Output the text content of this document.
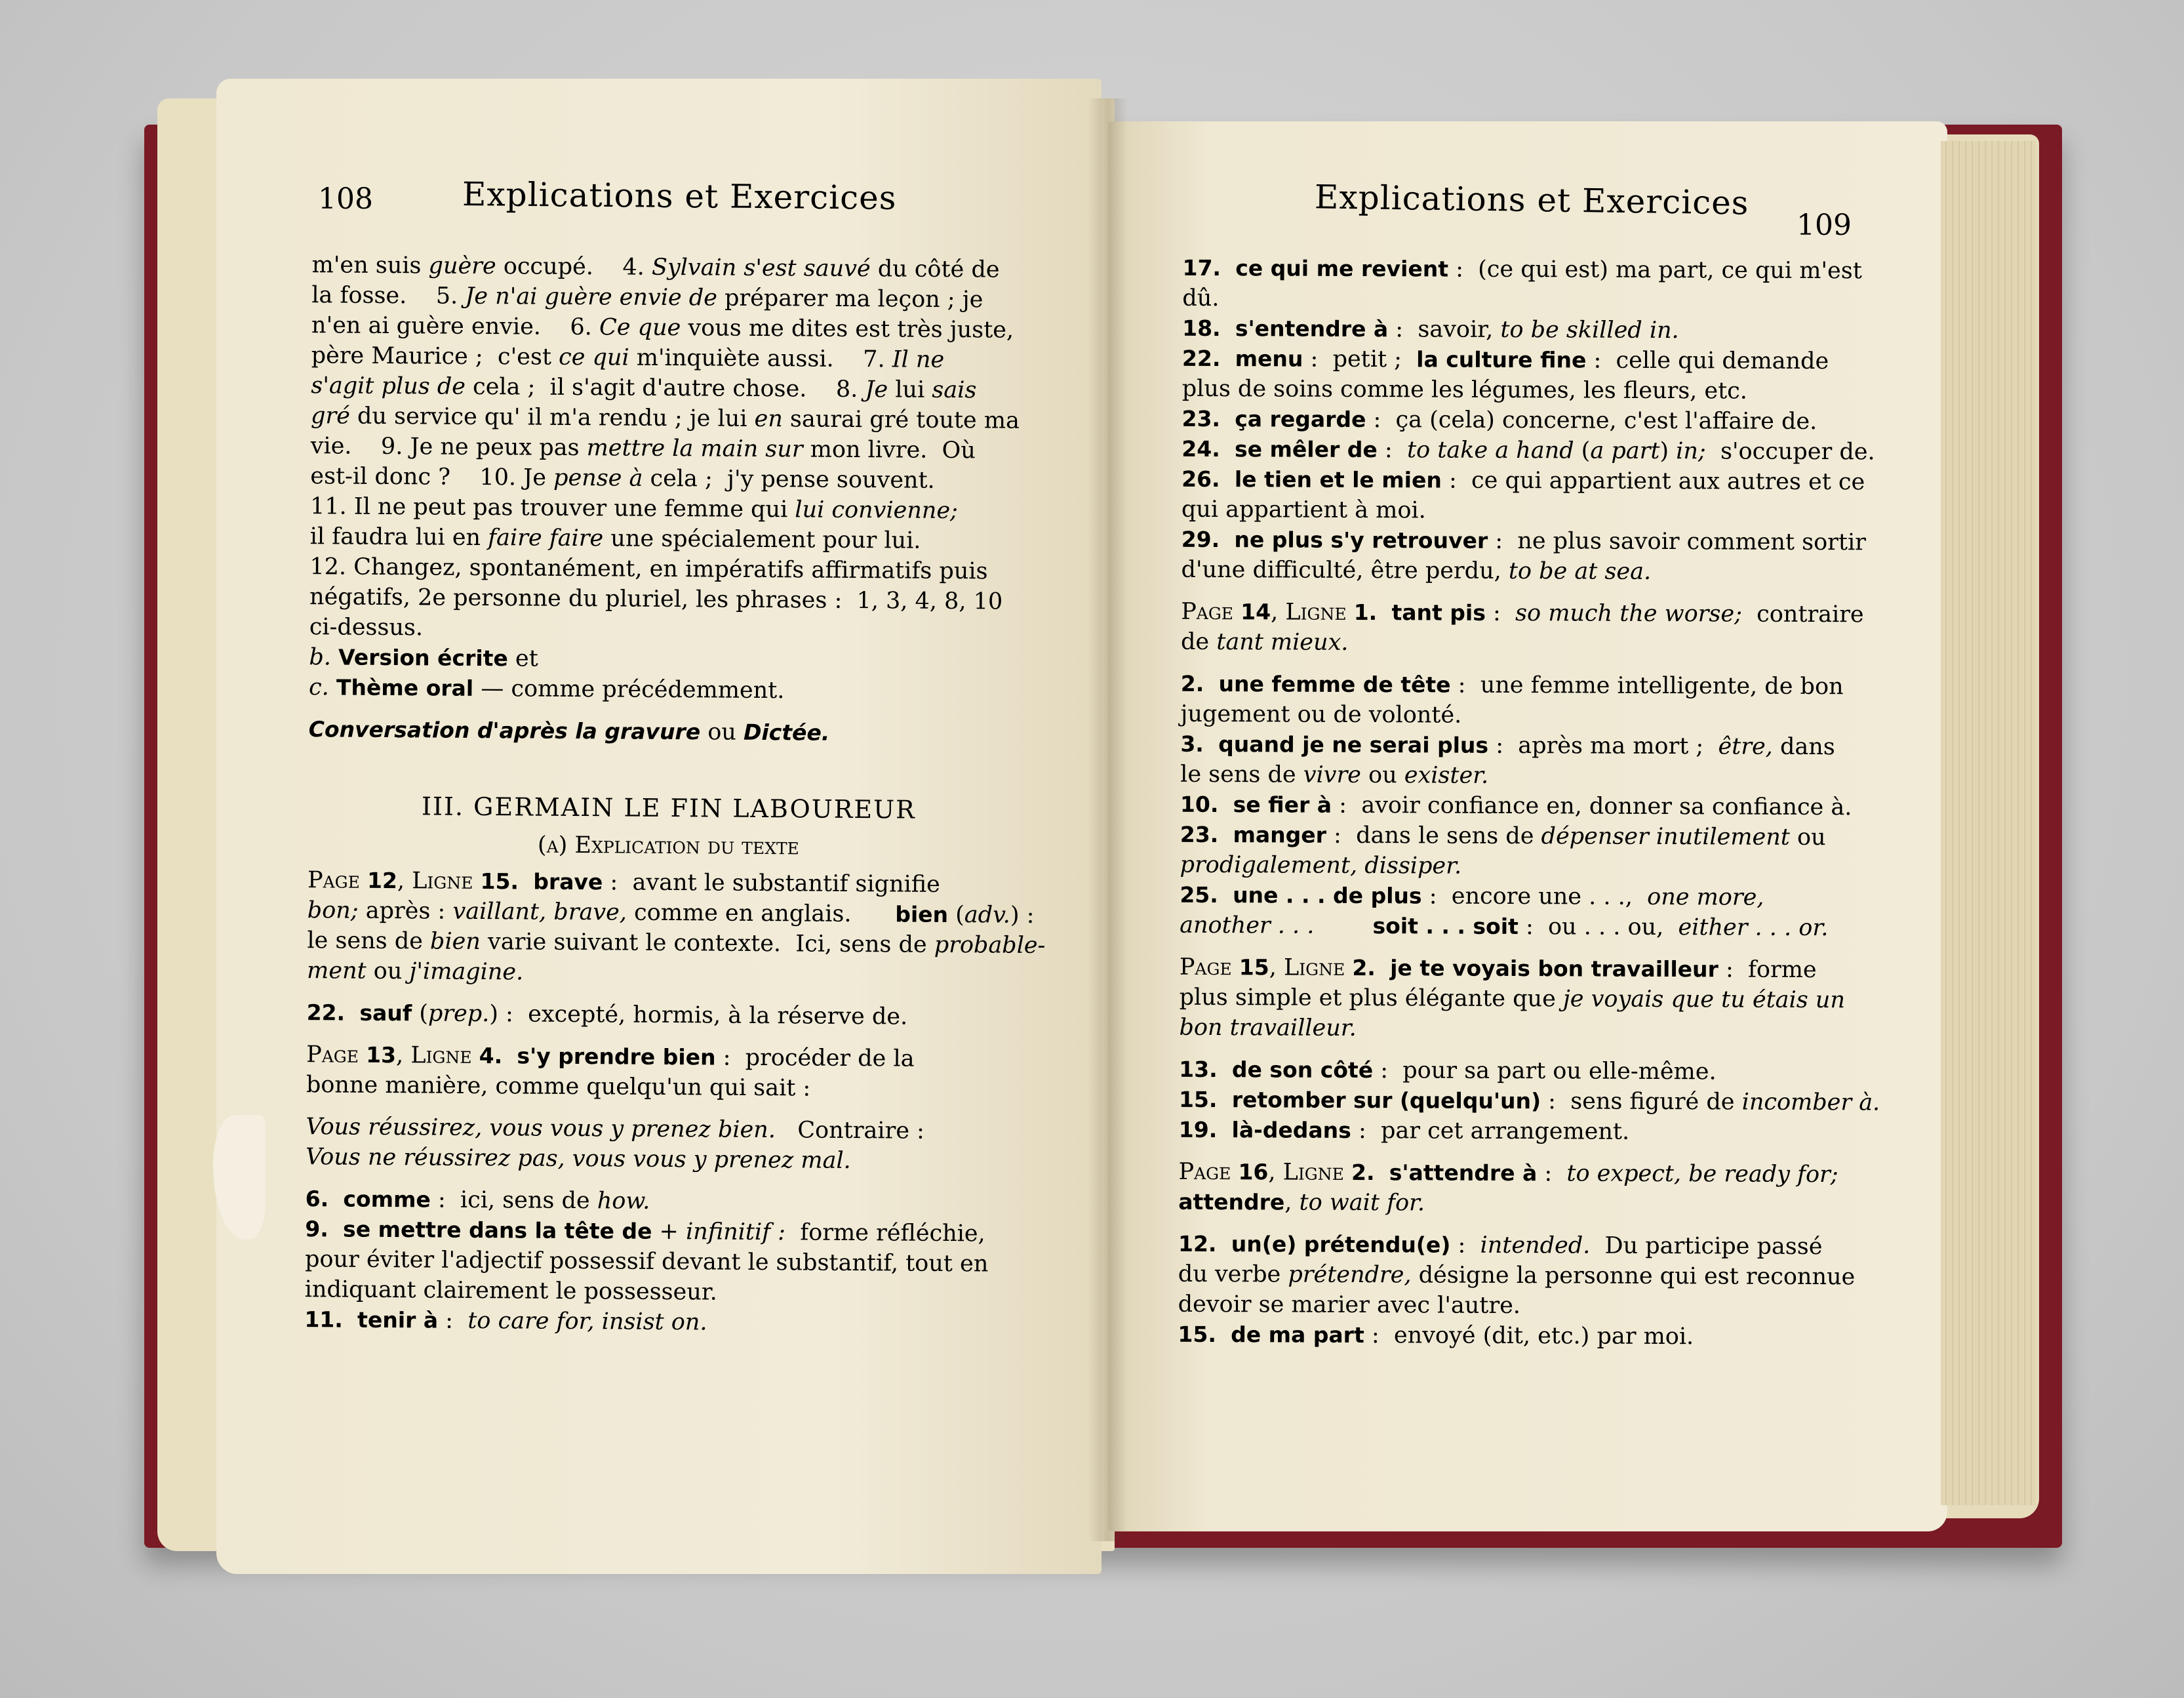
108	Explications et Exercices	Explications et Exercices
109
m'en suis guère occupé.    4. Sylvain s'est sauvé du côté de
la fosse.    5. Je n'ai guère envie de préparer ma leçon ; je
n'en ai guère envie.    6. Ce que vous me dites est très juste,
père Maurice ;  c'est ce qui m'inquiète aussi.    7. Il ne
s'agit plus de cela ;  il s'agit d'autre chose.    8. Je lui sais
gré du service qu' il m'a rendu ; je lui en saurai gré toute ma
vie.    9. Je ne peux pas mettre la main sur mon livre.  Où
est-il donc ?    10. Je pense à cela ;  j'y pense souvent.
11. Il ne peut pas trouver une femme qui lui convienne;
il faudra lui en faire faire une spécialement pour lui.
12. Changez, spontanément, en impératifs affirmatifs puis
négatifs, 2e personne du pluriel, les phrases :  1, 3, 4, 8, 10
ci-dessus.
b. Version écrite et
c. Thème oral — comme précédemment.
Conversation d'après la gravure ou Dictée.
III. GERMAIN LE FIN LABOUREUR
(a) Explication du texte
Page 12, Ligne 15. brave :  avant le substantif signifie
bon; après : vaillant, brave, comme en anglais.      bien (adv.) :
le sens de bien varie suivant le contexte.  Ici, sens de probable-
ment ou j'imagine.
22. sauf (prep.) :  excepté, hormis, à la réserve de.
Page 13, Ligne 4. s'y prendre bien :  procéder de la
bonne manière, comme quelqu'un qui sait :
Vous réussirez, vous vous y prenez bien.   Contraire :
Vous ne réussirez pas, vous vous y prenez mal.
6. comme :  ici, sens de how.
9. se mettre dans la tête de + infinitif :  forme réfléchie,
pour éviter l'adjectif possessif devant le substantif, tout en
indiquant clairement le possesseur.
11. tenir à :  to care for, insist on.
17. ce qui me revient :  (ce qui est) ma part, ce qui m'est
dû.
18. s'entendre à :  savoir, to be skilled in.
22. menu :  petit ;  la culture fine :  celle qui demande
plus de soins comme les légumes, les fleurs, etc.
23. ça regarde :  ça (cela) concerne, c'est l'affaire de.
24. se mêler de :  to take a hand (a part) in;  s'occuper de.
26. le tien et le mien :  ce qui appartient aux autres et ce
qui appartient à moi.
29. ne plus s'y retrouver :  ne plus savoir comment sortir
d'une difficulté, être perdu, to be at sea.
Page 14, Ligne 1. tant pis :  so much the worse;  contraire
de tant mieux.
2. une femme de tête :  une femme intelligente, de bon
jugement ou de volonté.
3. quand je ne serai plus :  après ma mort ;  être, dans
le sens de vivre ou exister.
10. se fier à :  avoir confiance en, donner sa confiance à.
23. manger :  dans le sens de dépenser inutilement ou
prodigalement, dissiper.
25. une . . . de plus :  encore une . . .,  one more,
another . . .	soit . . . soit :  ou . . . ou,  either . . . or.
Page 15, Ligne 2. je te voyais bon travailleur :  forme
plus simple et plus élégante que je voyais que tu étais un
bon travailleur.
13. de son côté :  pour sa part ou elle-même.
15. retomber sur (quelqu'un) :  sens figuré de incomber à.
19. là-dedans :  par cet arrangement.
Page 16, Ligne 2. s'attendre à :  to expect, be ready for;
attendre, to wait for.
12. un(e) prétendu(e) :  intended.  Du participe passé
du verbe prétendre, désigne la personne qui est reconnue
devoir se marier avec l'autre.
15. de ma part :  envoyé (dit, etc.) par moi.
